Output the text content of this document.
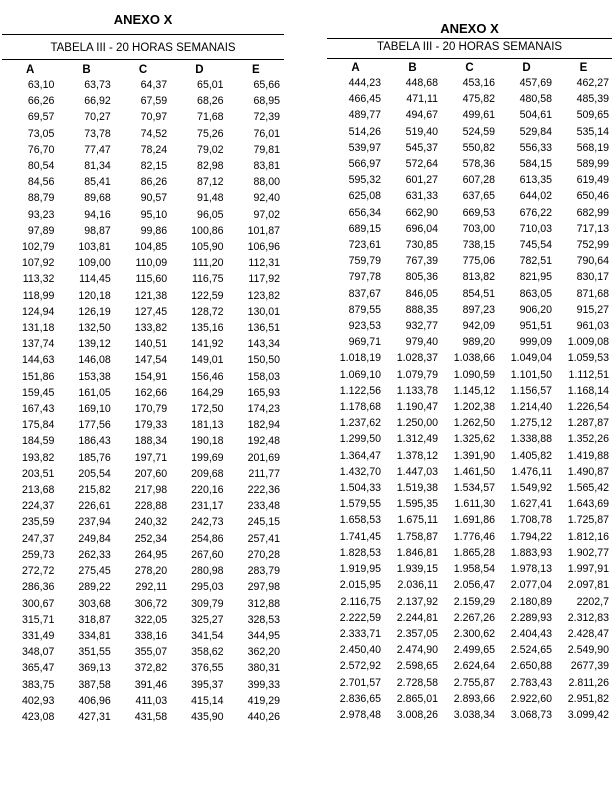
ANEXO X
TABELA III - 20 HORAS SEMANAIS
A	B	C	D	E
63,10	63,73	64,37	65,01	65,66
66,26	66,92	67,59	68,26	68,95
69,57	70,27	70,97	71,68	72,39
73,05	73,78	74,52	75,26	76,01
76,70	77,47	78,24	79,02	79,81
80,54	81,34	82,15	82,98	83,81
84,56	85,41	86,26	87,12	88,00
88,79	89,68	90,57	91,48	92,40
93,23	94,16	95,10	96,05	97,02
97,89	98,87	99,86	100,86	101,87
102,79	103,81	104,85	105,90	106,96
107,92	109,00	110,09	111,20	112,31
113,32	114,45	115,60	116,75	117,92
118,99	120,18	121,38	122,59	123,82
124,94	126,19	127,45	128,72	130,01
131,18	132,50	133,82	135,16	136,51
137,74	139,12	140,51	141,92	143,34
144,63	146,08	147,54	149,01	150,50
151,86	153,38	154,91	156,46	158,03
159,45	161,05	162,66	164,29	165,93
167,43	169,10	170,79	172,50	174,23
175,84	177,56	179,33	181,13	182,94
184,59	186,43	188,34	190,18	192,48
193,82	185,76	197,71	199,69	201,69
203,51	205,54	207,60	209,68	211,77
213,68	215,82	217,98	220,16	222,36
224,37	226,61	228,88	231,17	233,48
235,59	237,94	240,32	242,73	245,15
247,37	249,84	252,34	254,86	257,41
259,73	262,33	264,95	267,60	270,28
272,72	275,45	278,20	280,98	283,79
286,36	289,22	292,11	295,03	297,98
300,67	303,68	306,72	309,79	312,88
315,71	318,87	322,05	325,27	328,53
331,49	334,81	338,16	341,54	344,95
348,07	351,55	355,07	358,62	362,20
365,47	369,13	372,82	376,55	380,31
383,75	387,58	391,46	395,37	399,33
402,93	406,96	411,03	415,14	419,29
423,08	427,31	431,58	435,90	440,26
ANEXO X
TABELA III - 20 HORAS SEMANAIS
A	B	C	D	E
444,23	448,68	453,16	457,69	462,27
466,45	471,11	475,82	480,58	485,39
489,77	494,67	499,61	504,61	509,65
514,26	519,40	524,59	529,84	535,14
539,97	545,37	550,82	556,33	568,19
566,97	572,64	578,36	584,15	589,99
595,32	601,27	607,28	613,35	619,49
625,08	631,33	637,65	644,02	650,46
656,34	662,90	669,53	676,22	682,99
689,15	696,04	703,00	710,03	717,13
723,61	730,85	738,15	745,54	752,99
759,79	767,39	775,06	782,51	790,64
797,78	805,36	813,82	821,95	830,17
837,67	846,05	854,51	863,05	871,68
879,55	888,35	897,23	906,20	915,27
923,53	932,77	942,09	951,51	961,03
969,71	979,40	989,20	999,09	1.009,08
1.018,19	1.028,37	1.038,66	1.049,04	1.059,53
1.069,10	1.079,79	1.090,59	1.101,50	1.112,51
1.122,56	1.133,78	1.145,12	1.156,57	1.168,14
1.178,68	1.190,47	1.202,38	1.214,40	1.226,54
1.237,62	1.250,00	1.262,50	1.275,12	1.287,87
1.299,50	1.312,49	1.325,62	1.338,88	1.352,26
1.364,47	1.378,12	1.391,90	1.405,82	1.419,88
1.432,70	1.447,03	1.461,50	1.476,11	1.490,87
1.504,33	1.519,38	1.534,57	1.549,92	1.565,42
1.579,55	1.595,35	1.611,30	1.627,41	1.643,69
1.658,53	1.675,11	1.691,86	1.708,78	1.725,87
1.741,45	1.758,87	1.776,46	1.794,22	1.812,16
1.828,53	1.846,81	1.865,28	1.883,93	1.902,77
1.919,95	1.939,15	1.958,54	1.978,13	1.997,91
2.015,95	2.036,11	2.056,47	2.077,04	2.097,81
2.116,75	2.137,92	2.159,29	2.180,89	2202,7
2.222,59	2.244,81	2.267,26	2.289,93	2.312,83
2.333,71	2.357,05	2.300,62	2.404,43	2.428,47
2.450,40	2.474,90	2.499,65	2.524,65	2.549,90
2.572,92	2.598,65	2.624,64	2.650,88	2677,39
2.701,57	2.728,58	2.755,87	2.783,43	2.811,26
2.836,65	2.865,01	2.893,66	2.922,60	2.951,82
2.978,48	3.008,26	3.038,34	3.068,73	3.099,42
